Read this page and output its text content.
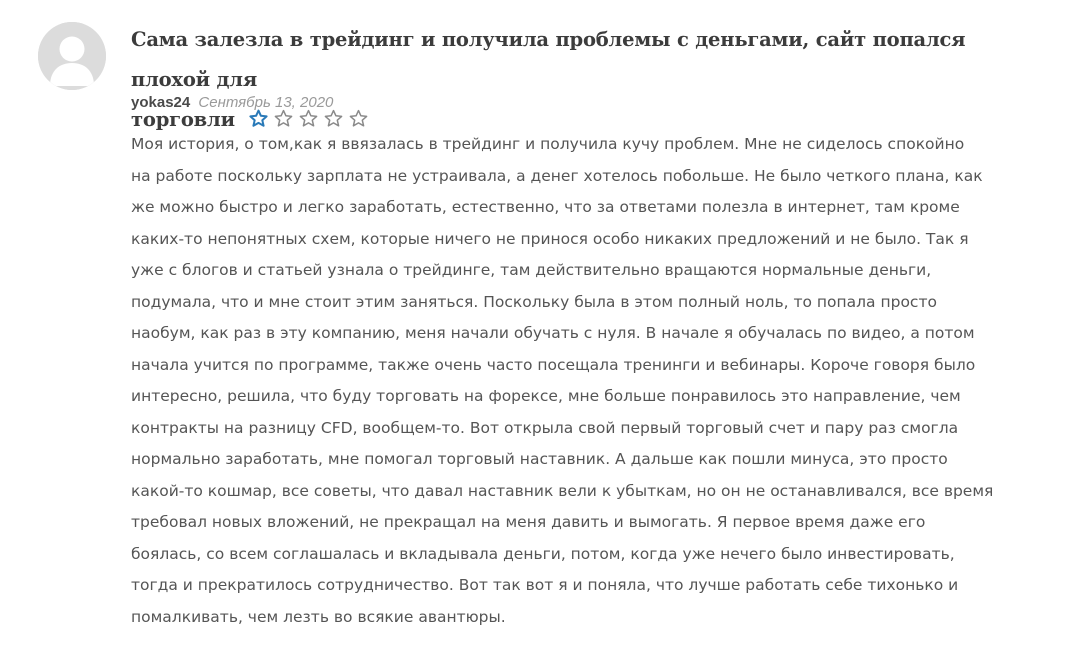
Сама залезла в трейдинг и получила проблемы с деньгами, сайт попался плохой для
торговли
yokas24 Сентябрь 13, 2020
Моя история, о том,как я ввязалась в трейдинг и получила кучу проблем. Мне не сиделось спокойно
на работе поскольку зарплата не устраивала, а денег хотелось побольше. Не было четкого плана, как
же можно быстро и легко заработать, естественно, что за ответами полезла в интернет, там кроме
каких-то непонятных схем, которые ничего не принося особо никаких предложений и не было. Так я
уже с блогов и статьей узнала о трейдинге, там действительно вращаются нормальные деньги,
подумала, что и мне стоит этим заняться. Поскольку была в этом полный ноль, то попала просто
наобум, как раз в эту компанию, меня начали обучать с нуля. В начале я обучалась по видео, а потом
начала учится по программе, также очень часто посещала тренинги и вебинары. Короче говоря было
интересно, решила, что буду торговать на форексе, мне больше понравилось это направление, чем
контракты на разницу CFD, вообщем-то. Вот открыла свой первый торговый счет и пару раз смогла
нормально заработать, мне помогал торговый наставник. А дальше как пошли минуса, это просто
какой-то кошмар, все советы, что давал наставник вели к убыткам, но он не останавливался, все время
требовал новых вложений, не прекращал на меня давить и вымогать. Я первое время даже его
боялась, со всем соглашалась и вкладывала деньги, потом, когда уже нечего было инвестировать,
тогда и прекратилось сотрудничество. Вот так вот я и поняла, что лучше работать себе тихонько и
помалкивать, чем лезть во всякие авантюры.
